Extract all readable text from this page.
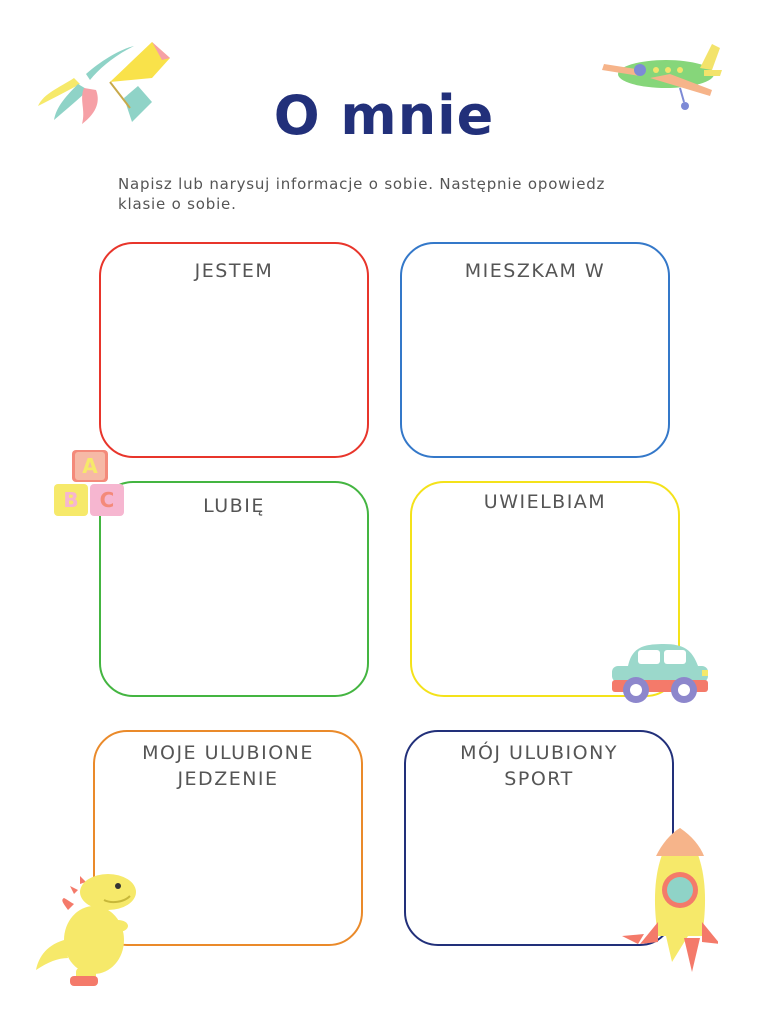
O mnie
Napisz lub narysuj informacje o sobie. Następnie opowiedz klasie o sobie.
JESTEM	MIESZKAM W
LUBIĘ	UWIELBIAM
MOJE ULUBIONE
JEDZENIE
MÓJ ULUBIONY
SPORT
A
B	C
